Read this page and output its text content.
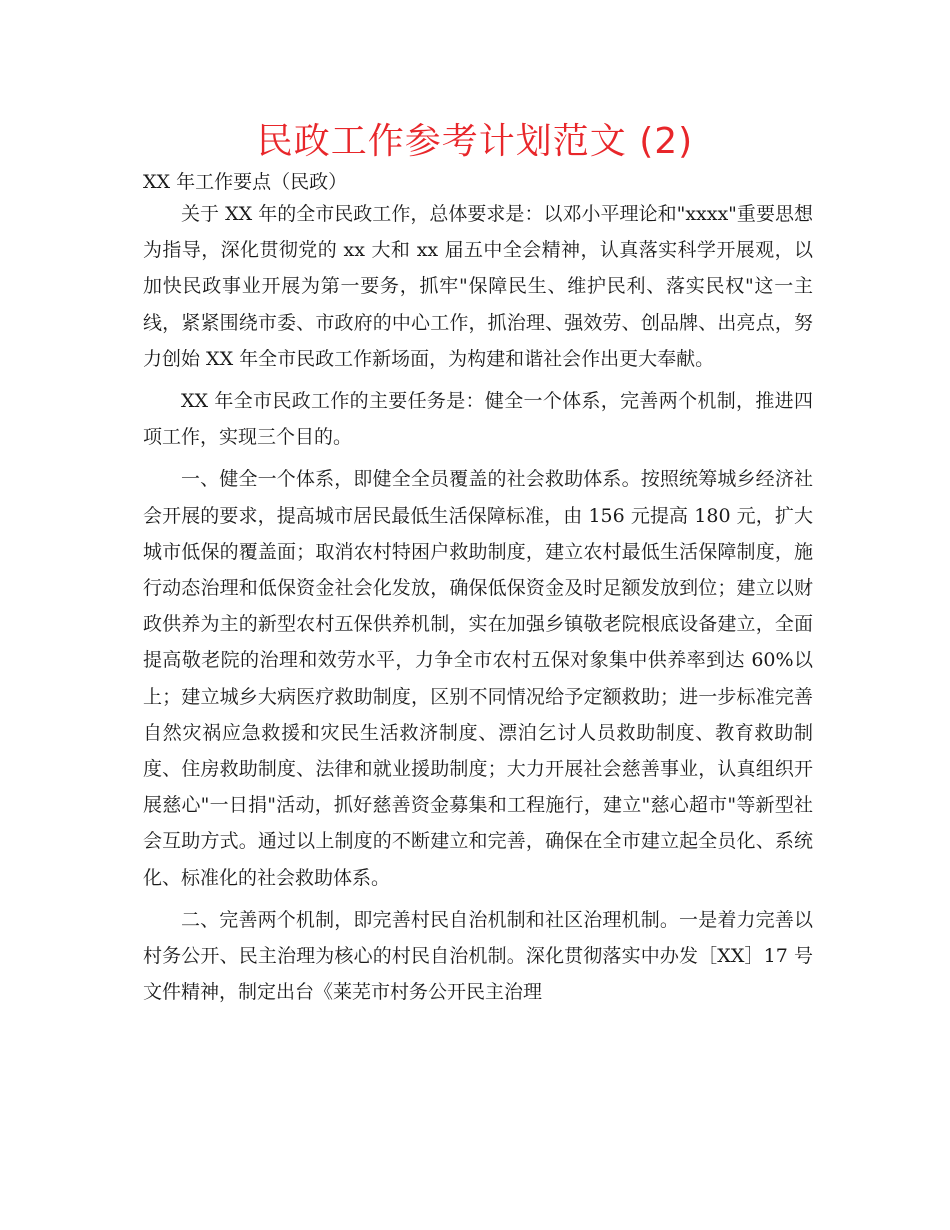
民政工作参考计划范文 (2)

XX 年工作要点（民政）

关于 XX 年的全市民政工作，总体要求是：以邓小平理论和"xxxx"重要思想为指导，深化贯彻党的 xx 大和 xx 届五中全会精神，认真落实科学开展观，以加快民政事业开展为第一要务，抓牢"保障民生、维护民利、落实民权"这一主线，紧紧围绕市委、市政府的中心工作，抓治理、强效劳、创品牌、出亮点，努力创始 XX 年全市民政工作新场面，为构建和谐社会作出更大奉献。

XX 年全市民政工作的主要任务是：健全一个体系，完善两个机制，推进四项工作，实现三个目的。

一、健全一个体系，即健全全员覆盖的社会救助体系。按照统筹城乡经济社会开展的要求，提高城市居民最低生活保障标准，由 156 元提高 180 元，扩大城市低保的覆盖面；取消农村特困户救助制度，建立农村最低生活保障制度，施行动态治理和低保资金社会化发放，确保低保资金及时足额发放到位；建立以财政供养为主的新型农村五保供养机制，实在加强乡镇敬老院根底设备建立，全面提高敬老院的治理和效劳水平，力争全市农村五保对象集中供养率到达 60%以上；建立城乡大病医疗救助制度，区别不同情况给予定额救助；进一步标准完善自然灾祸应急救援和灾民生活救济制度、漂泊乞讨人员救助制度、教育救助制度、住房救助制度、法律和就业援助制度；大力开展社会慈善事业，认真组织开展慈心"一日捐"活动，抓好慈善资金募集和工程施行，建立"慈心超市"等新型社会互助方式。通过以上制度的不断建立和完善，确保在全市建立起全员化、系统化、标准化的社会救助体系。

二、完善两个机制，即完善村民自治机制和社区治理机制。一是着力完善以村务公开、民主治理为核心的村民自治机制。深化贯彻落实中办发［XX］17 号文件精神，制定出台《莱芜市村务公开民主治理
